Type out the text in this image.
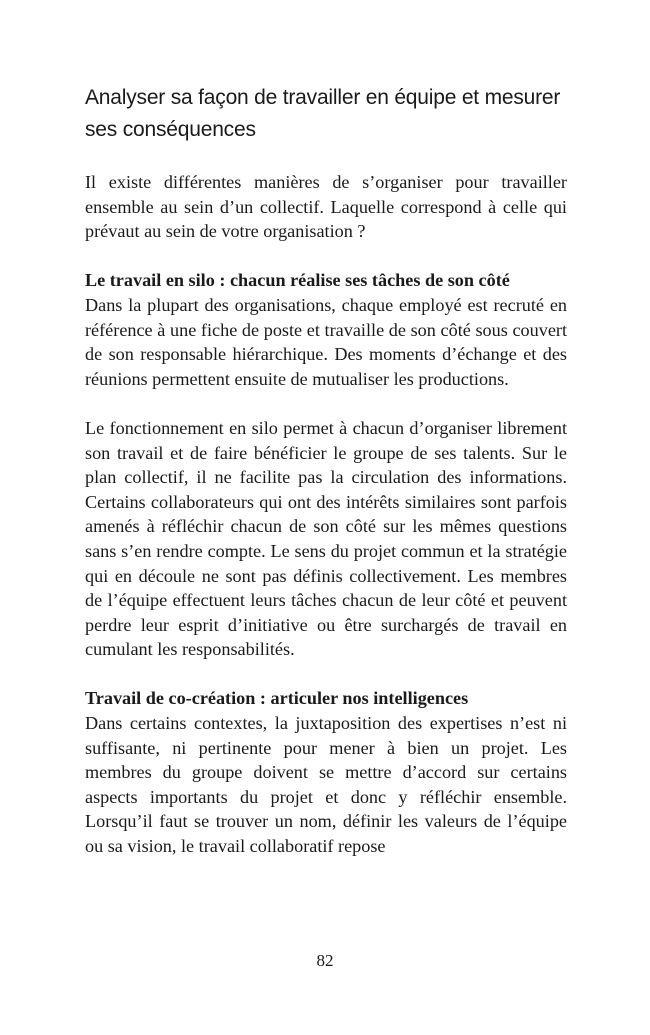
Analyser sa façon de travailler en équipe et mesurer ses conséquences

Il existe différentes manières de s’organiser pour travailler ensemble au sein d’un collectif. Laquelle correspond à celle qui prévaut au sein de votre organisation ?

Le travail en silo : chacun réalise ses tâches de son côté

Dans la plupart des organisations, chaque employé est recruté en référence à une fiche de poste et travaille de son côté sous couvert de son responsable hiérarchique. Des moments d’échange et des réunions permettent ensuite de mutualiser les productions.

Le fonctionnement en silo permet à chacun d’organiser librement son travail et de faire bénéficier le groupe de ses talents. Sur le plan collectif, il ne facilite pas la circulation des informations. Certains collaborateurs qui ont des intérêts similaires sont parfois amenés à réfléchir chacun de son côté sur les mêmes questions sans s’en rendre compte. Le sens du projet commun et la stratégie qui en découle ne sont pas définis collectivement. Les membres de l’équipe effectuent leurs tâches chacun de leur côté et peuvent perdre leur esprit d’initiative ou être surchargés de travail en cumulant les responsabilités.

Travail de co-création : articuler nos intelligences

Dans certains contextes, la juxtaposition des expertises n’est ni suffisante, ni pertinente pour mener à bien un projet. Les membres du groupe doivent se mettre d’accord sur certains aspects importants du projet et donc y réfléchir ensemble. Lorsqu’il faut se trouver un nom, définir les valeurs de l’équipe ou sa vision, le travail collaboratif repose

82
